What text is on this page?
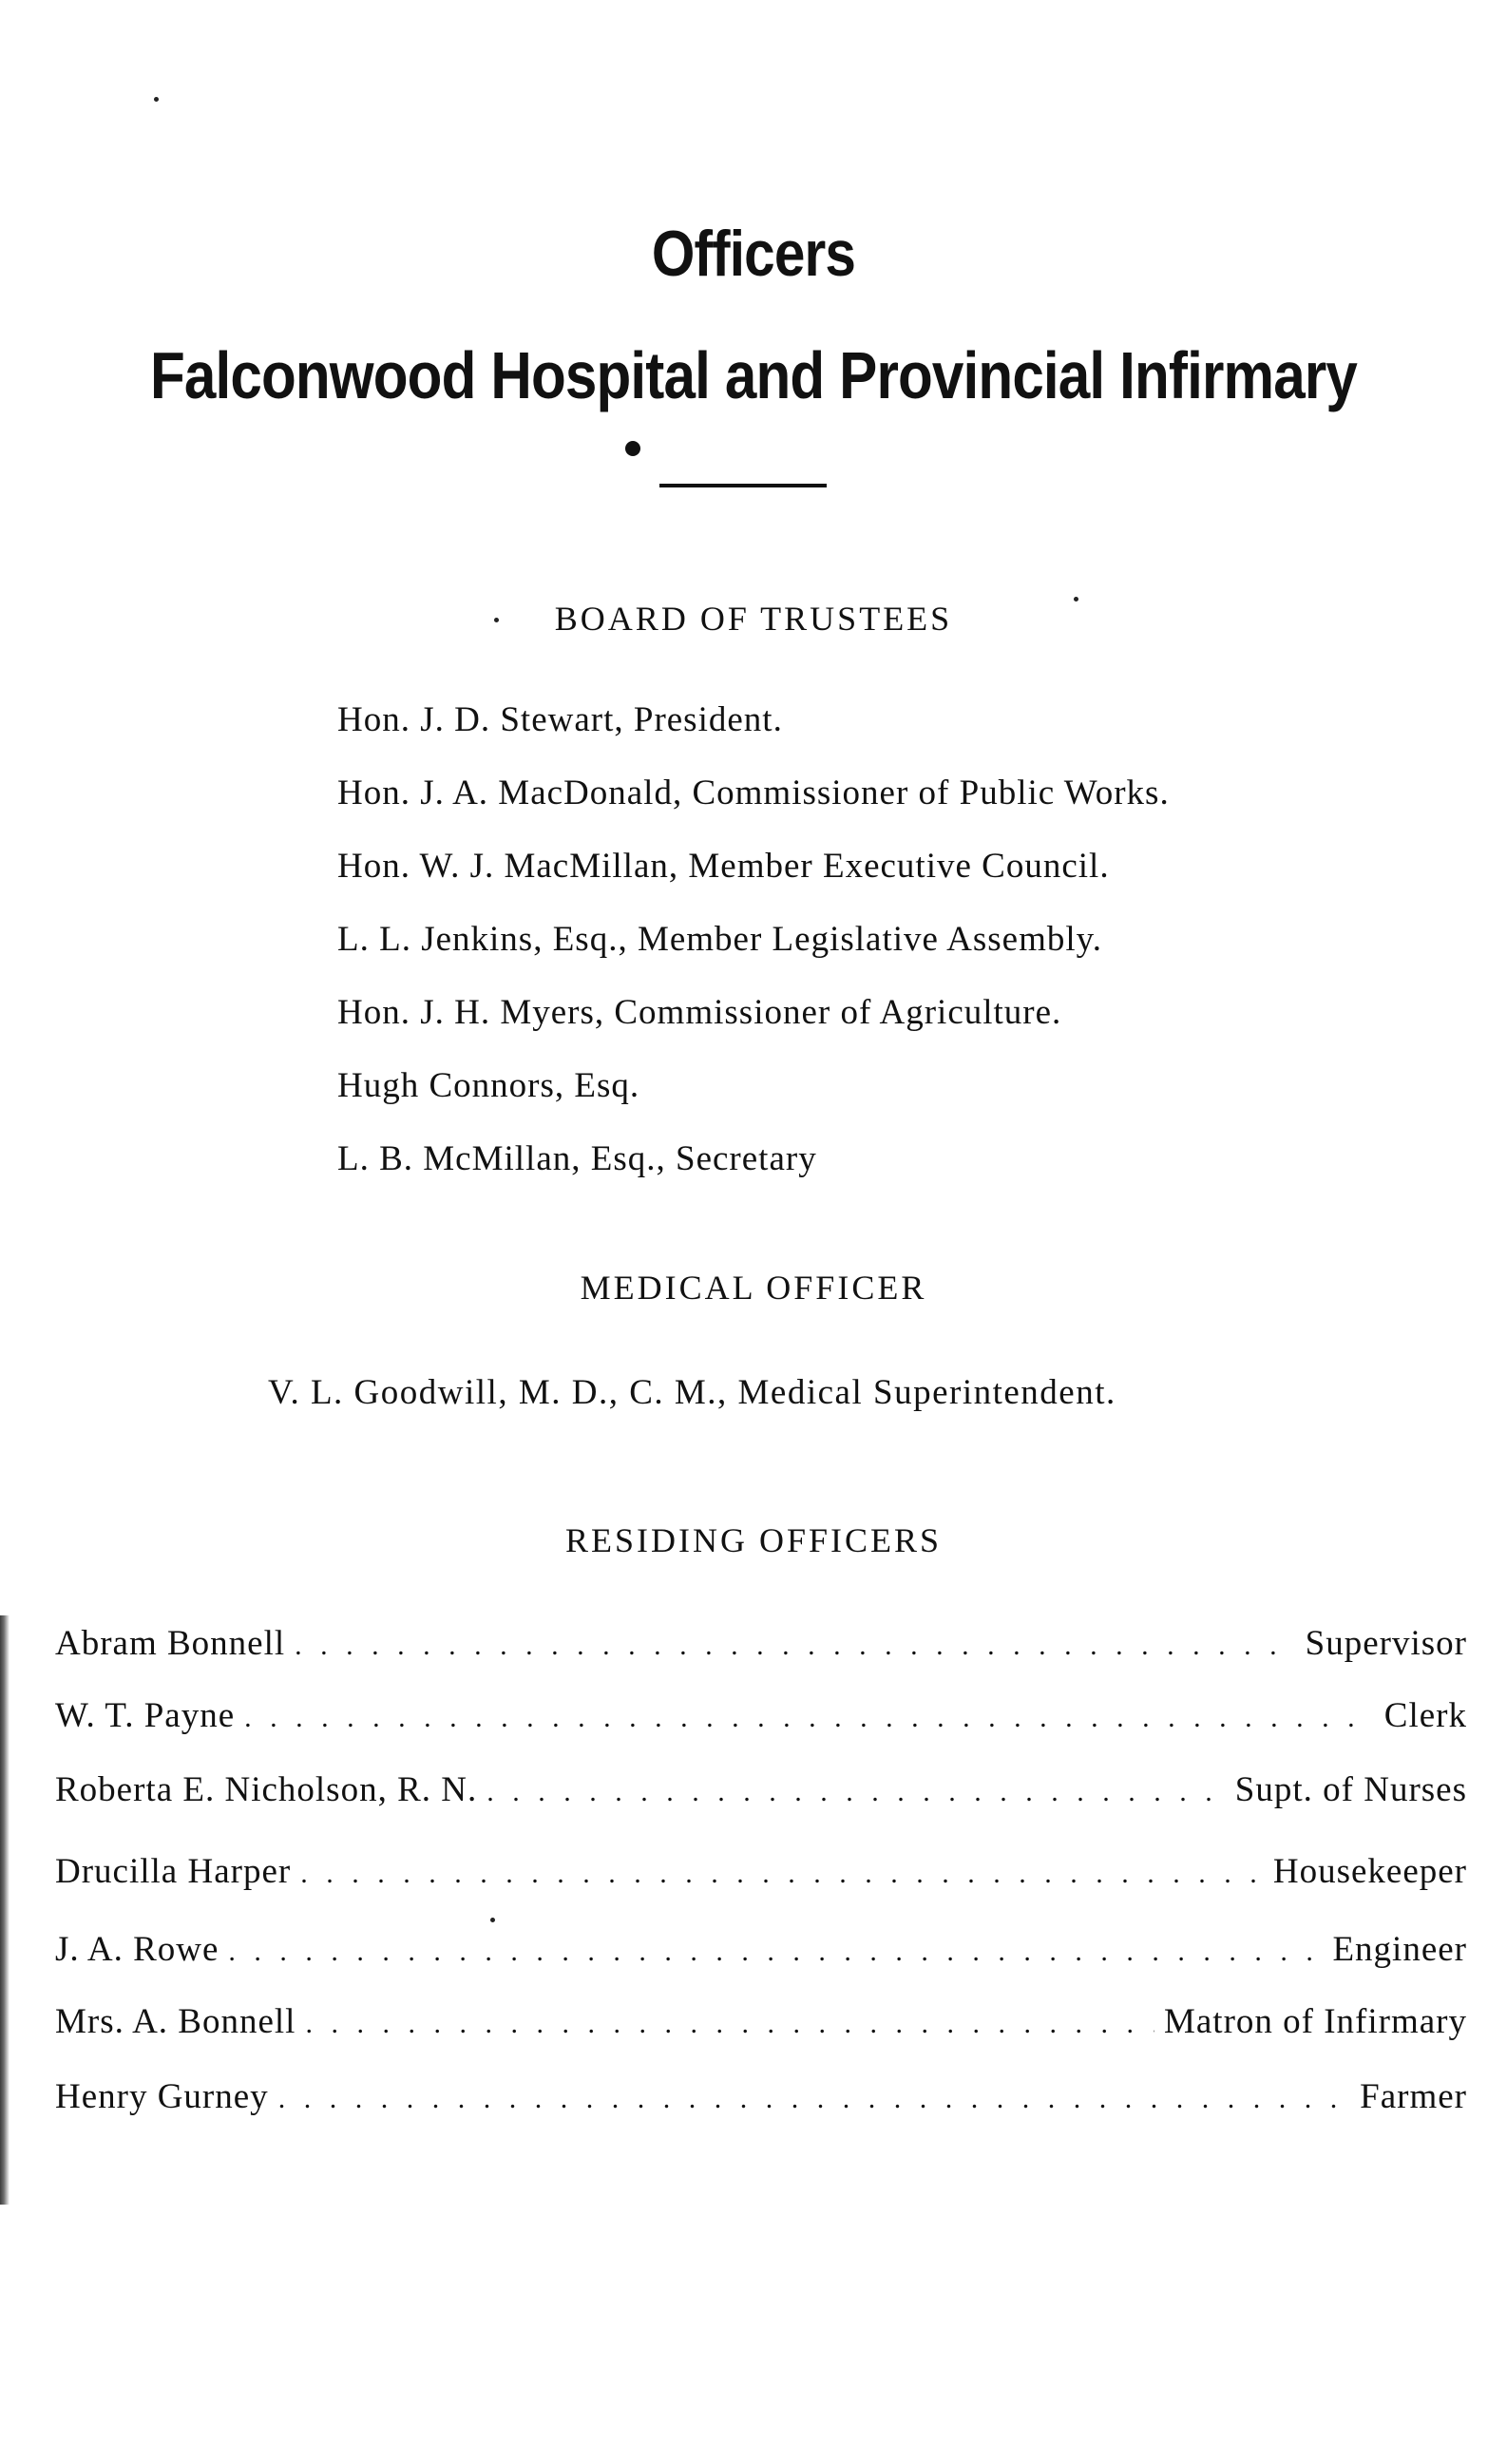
Officers
Falconwood Hospital and Provincial Infirmary
BOARD OF TRUSTEES
Hon. J. D. Stewart, President.
Hon. J. A. MacDonald, Commissioner of Public Works.
Hon. W. J. MacMillan, Member Executive Council.
L. L. Jenkins, Esq., Member Legislative Assembly.
Hon. J. H. Myers, Commissioner of Agriculture.
Hugh Connors, Esq.
L. B. McMillan, Esq., Secretary
MEDICAL OFFICER
V. L. Goodwill, M. D., C. M., Medical Superintendent.
RESIDING OFFICERS
Abram Bonnell . . .	Supervisor
W. T. Payne . . .	Clerk
Roberta E. Nicholson, R. N. . . .	Supt. of Nurses
Drucilla Harper . . .	Housekeeper
J. A. Rowe . . .	Engineer
Mrs. A. Bonnell . . .	Matron of Infirmary
Henry Gurney . . .	Farmer
